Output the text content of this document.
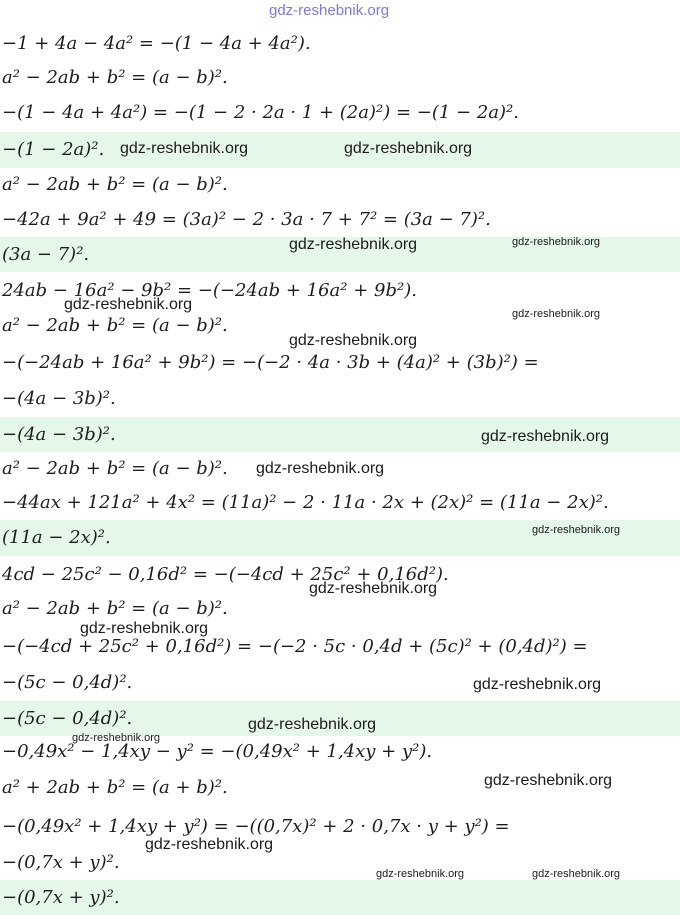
−1 + 4a − 4a² = −(1 − 4a + 4a²).
a² − 2ab + b² = (a − b)².
−(1 − 4a + 4a²) = −(1 − 2 · 2a · 1 + (2a)²) = −(1 − 2a)².
−(1 − 2a)².
a² − 2ab + b² = (a − b)².
−42a + 9a² + 49 = (3a)² − 2 · 3a · 7 + 7² = (3a − 7)².
(3a − 7)².
24ab − 16a² − 9b² = −(−24ab + 16a² + 9b²).
a² − 2ab + b² = (a − b)².
−(−24ab + 16a² + 9b²) = −(−2 · 4a · 3b + (4a)² + (3b)²) =
−(4a − 3b)².
−(4a − 3b)².
a² − 2ab + b² = (a − b)².
−44ax + 121a² + 4x² = (11a)² − 2 · 11a · 2x + (2x)² = (11a − 2x)².
(11a − 2x)².
4cd − 25c² − 0,16d² = −(−4cd + 25c² + 0,16d²).
a² − 2ab + b² = (a − b)².
−(−4cd + 25c² + 0,16d²) = −(−2 · 5c · 0,4d + (5c)² + (0,4d)²) =
−(5c − 0,4d)².
−(5c − 0,4d)².
−0,49x² − 1,4xy − y² = −(0,49x² + 1,4xy + y²).
a² + 2ab + b² = (a + b)².
−(0,49x² + 1,4xy + y²) = −((0,7x)² + 2 · 0,7x · y + y²) =
−(0,7x + y)².
−(0,7x + y)².
gdz-reshebnik.org
gdz-reshebnik.org	gdz-reshebnik.org
gdz-reshebnik.org	gdz-reshebnik.org
gdz-reshebnik.org
gdz-reshebnik.org
gdz-reshebnik.org
gdz-reshebnik.org
gdz-reshebnik.org
gdz-reshebnik.org
gdz-reshebnik.org
gdz-reshebnik.org
gdz-reshebnik.org
gdz-reshebnik.org
gdz-reshebnik.org
gdz-reshebnik.org
gdz-reshebnik.org
gdz-reshebnik.org	gdz-reshebnik.org
